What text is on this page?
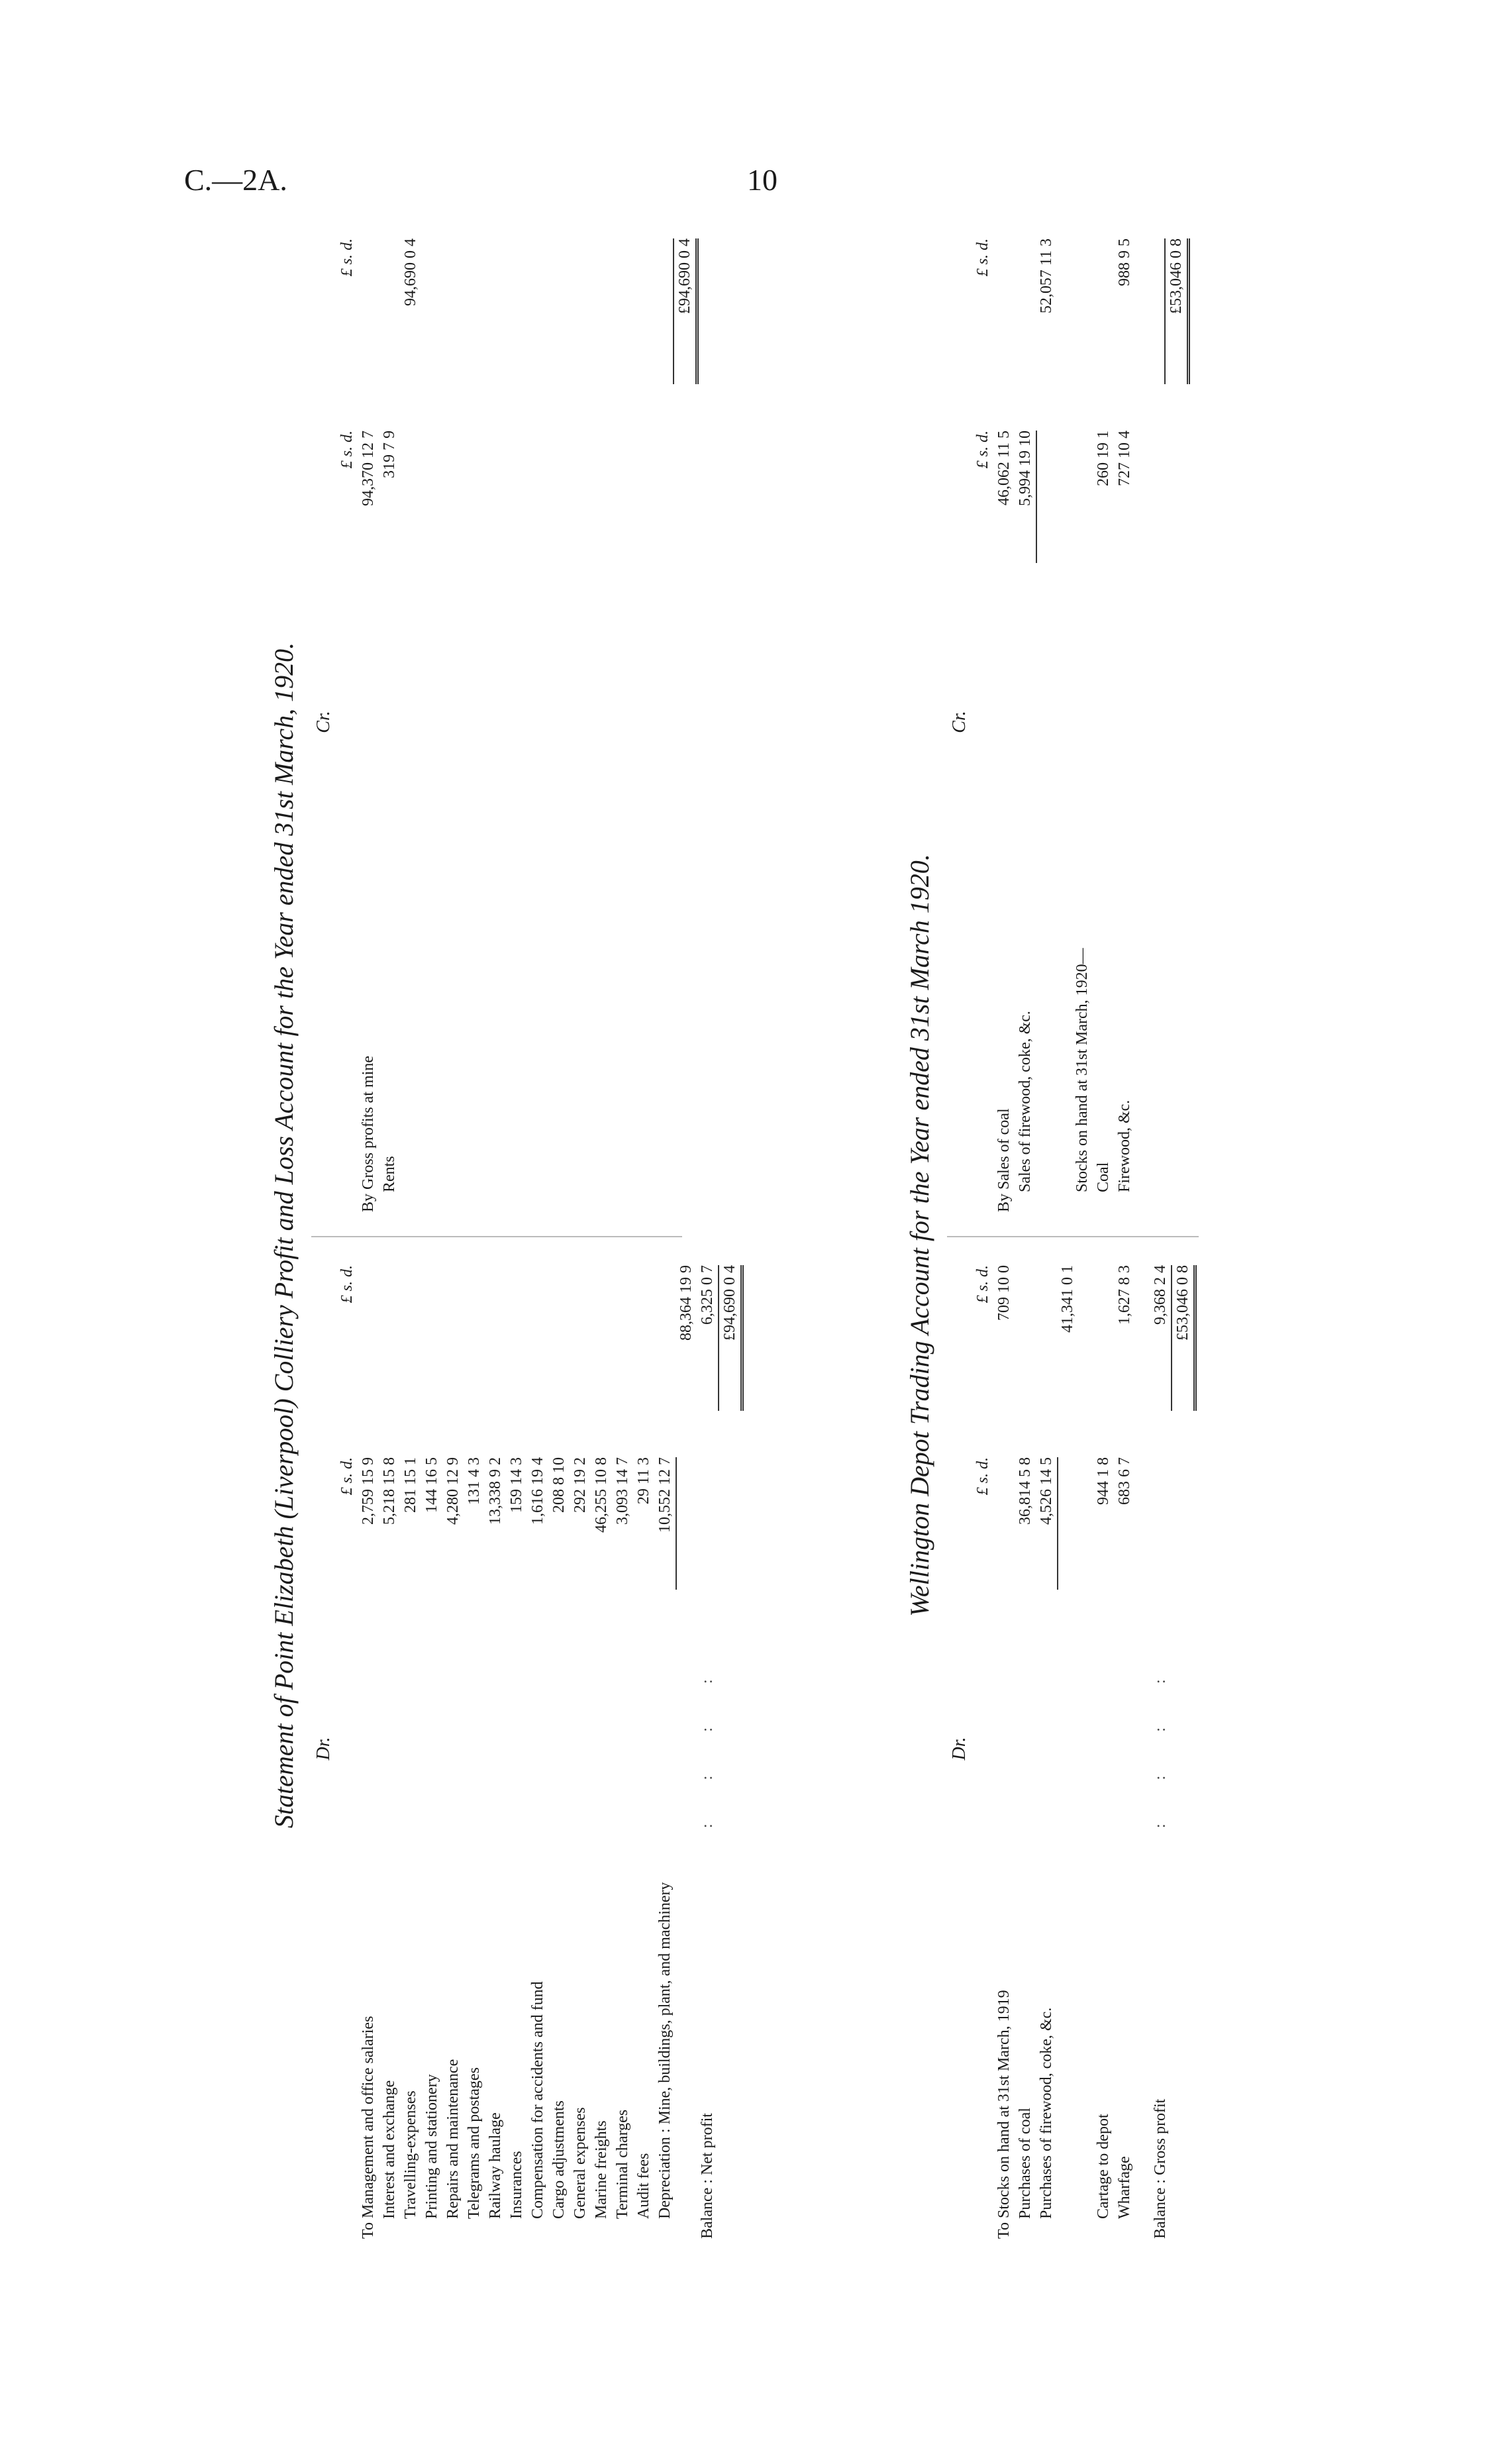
C.—2A.	10
Statement of Point Elizabeth (Liverpool) Colliery Profit and Loss Account for the Year ended 31st March, 1920. Dr.
£ s. d.
£ s. d.
To Management and office salaries
2,759 15 9
Interest and exchange
5,218 15 8
Travelling-expenses
281 15 1
Printing and stationery
144 16 5
Repairs and maintenance
4,280 12 9
Telegrams and postages
131 4 3
Railway haulage
13,338 9 2
Insurances
159 14 3
Compensation for accidents and fund
1,616 19 4
Cargo adjustments
208 8 10
General expenses
292 19 2
Marine freights
46,255 10 8
Terminal charges
3,093 14 7
Audit fees
29 11 3
Depreciation : Mine, buildings, plant, and machinery
10,552 12 7
88,364 19 9
Balance : Net profit
:  :  :  :
6,325 0 7 £94,690 0 4
Cr.
£ s. d.
£ s. d.
By Gross profits at mine
94,370 12 7
Rents
319 7 9
94,690 0 4	£94,690 0 4
Wellington Depot Trading Account for the Year ended 31st March 1920.
Dr.
£ s. d.
£ s. d.
To Stocks on hand at 31st March, 1919
709 10 0
Purchases of coal
36,814 5 8
Purchases of firewood, coke, &c.
4,526 14 5
41,341 0 1
Cartage to depot
944 1 8
Wharfage
683 6 7
1,627 8 3
Balance : Gross profit
:  :  :  :
9,368 2 4 £53,046 0 8
Cr.
£ s. d.
£ s. d.
By Sales of coal
46,062 11 5
Sales of firewood, coke, &c.
5,994 19 10
52,057 11 3
Stocks on hand at 31st March, 1920— Coal
260 19 1
Firewood, &c.
727 10 4
988 9 5 £53,046 0 8
